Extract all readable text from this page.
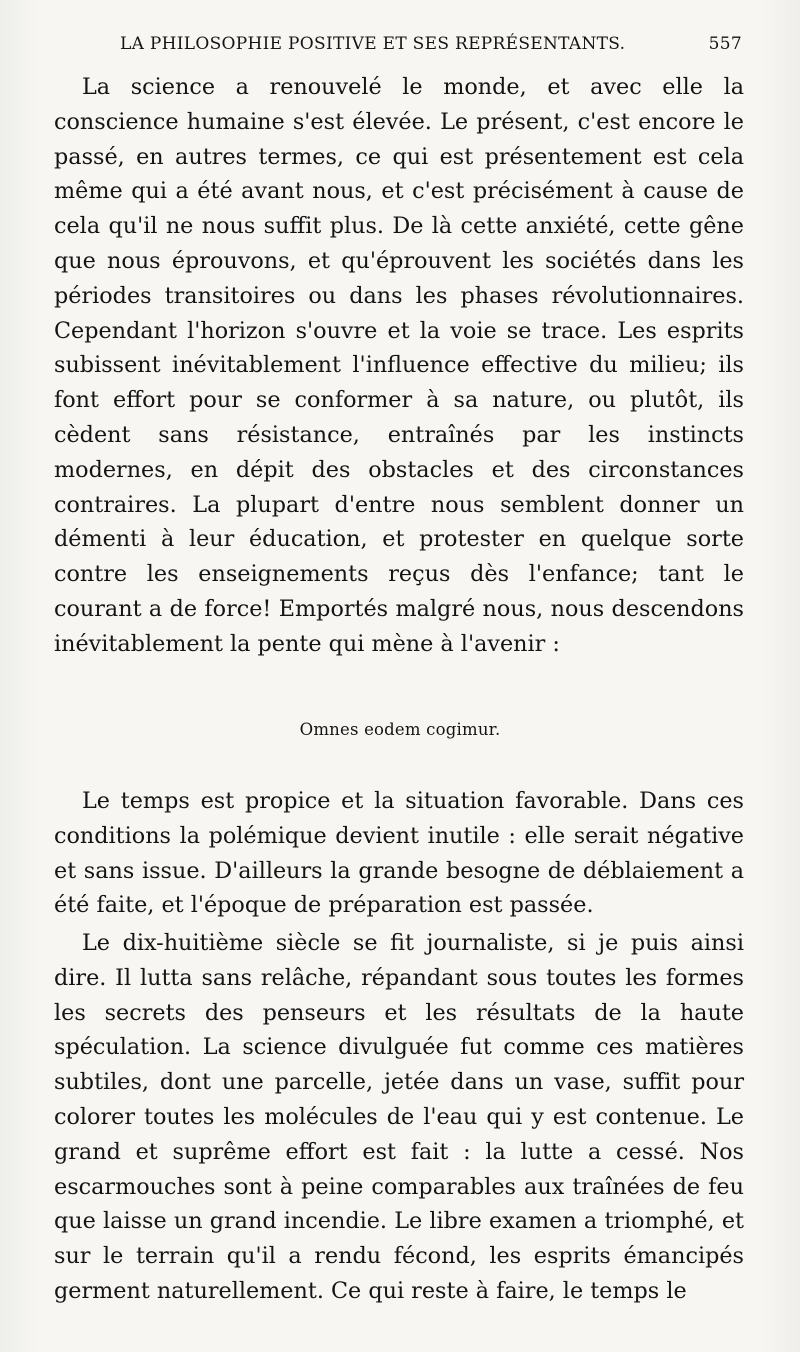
LA PHILOSOPHIE POSITIVE ET SES REPRÉSENTANTS.	557

La science a renouvelé le monde, et avec elle la conscience humaine s'est élevée. Le présent, c'est encore le passé, en autres termes, ce qui est présentement est cela même qui a été avant nous, et c'est précisément à cause de cela qu'il ne nous suffit plus. De là cette anxiété, cette gêne que nous éprouvons, et qu'éprouvent les sociétés dans les périodes transitoires ou dans les phases révolutionnaires. Cependant l'horizon s'ouvre et la voie se trace. Les esprits subissent inévitablement l'influence effective du milieu; ils font effort pour se conformer à sa nature, ou plutôt, ils cèdent sans résistance, entraînés par les instincts modernes, en dépit des obstacles et des circonstances contraires. La plupart d'entre nous semblent donner un démenti à leur éducation, et protester en quelque sorte contre les enseignements reçus dès l'enfance; tant le courant a de force! Emportés malgré nous, nous descendons inévitablement la pente qui mène à l'avenir :

Omnes eodem cogimur.

Le temps est propice et la situation favorable. Dans ces conditions la polémique devient inutile : elle serait négative et sans issue. D'ailleurs la grande besogne de déblaiement a été faite, et l'époque de préparation est passée.

Le dix-huitième siècle se fit journaliste, si je puis ainsi dire. Il lutta sans relâche, répandant sous toutes les formes les secrets des penseurs et les résultats de la haute spéculation. La science divulguée fut comme ces matières subtiles, dont une parcelle, jetée dans un vase, suffit pour colorer toutes les molécules de l'eau qui y est contenue. Le grand et suprême effort est fait : la lutte a cessé. Nos escarmouches sont à peine comparables aux traînées de feu que laisse un grand incendie. Le libre examen a triomphé, et sur le terrain qu'il a rendu fécond, les esprits émancipés germent naturellement. Ce qui reste à faire, le temps le
